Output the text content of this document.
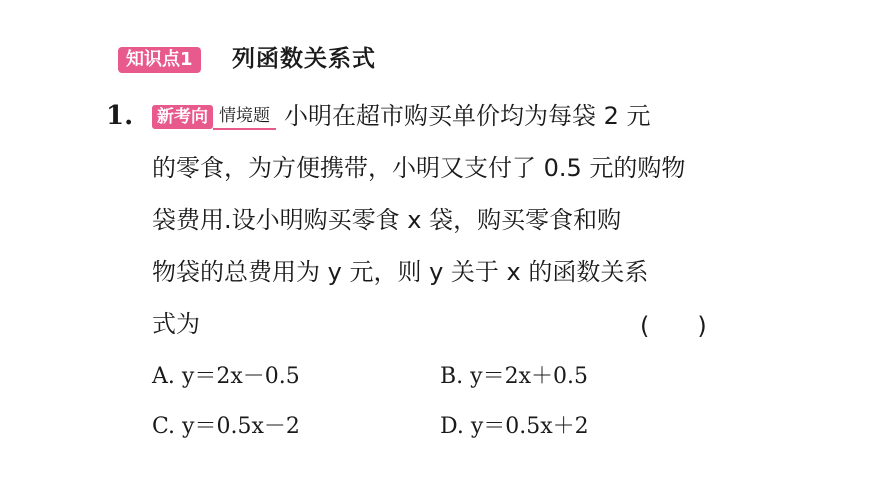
知识点1	列函数关系式
1. 新考向 情境题 小明在超市购买单价均为每袋 2 元
的零食，为方便携带，小明又支付了 0.5 元的购物
袋费用.设小明购买零食 x 袋，购买零食和购
物袋的总费用为 y 元，则 y 关于 x 的函数关系
式为	(　　)
A. y＝2x－0.5	B. y＝2x＋0.5
C. y＝0.5x－2	D. y＝0.5x＋2
